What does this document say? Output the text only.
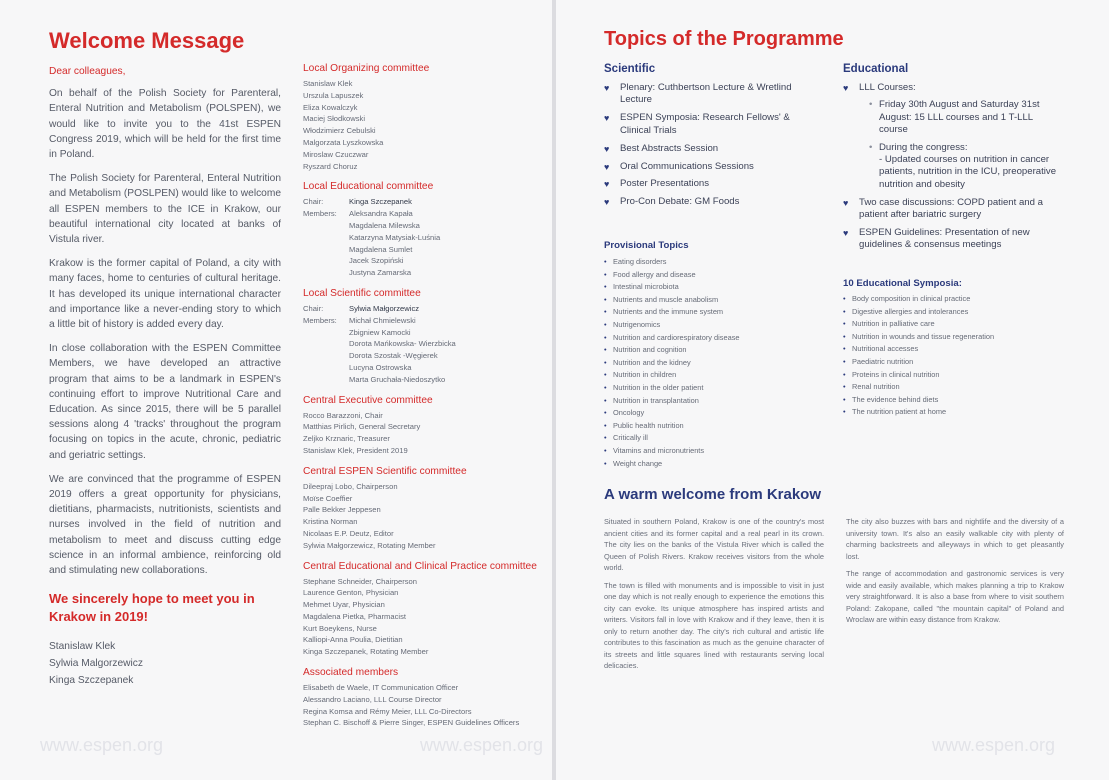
Welcome Message

Dear colleagues,

On behalf of the Polish Society for Parenteral, Enteral Nutrition and Metabolism (POLSPEN), we would like to invite you to the 41st ESPEN Congress 2019, which will be held for the first time in Poland.

The Polish Society for Parenteral, Enteral Nutrition and Metabolism (POSLPEN) would like to welcome all ESPEN members to the ICE in Krakow, our beautiful international city located at banks of Vistula river.

Krakow is the former capital of Poland, a city with many faces, home to centuries of cultural heritage. It has developed its unique international character and importance like a never-ending story to which a little bit of history is added every day.

In close collaboration with the ESPEN Committee Members, we have developed an attractive program that aims to be a landmark in ESPEN's continuing effort to improve Nutritional Care and Education. As since 2015, there will be 5 parallel sessions along 4 'tracks' throughout the program focusing on topics in the acute, chronic, pediatric and geriatric settings.

We are convinced that the programme of ESPEN 2019 offers a great opportunity for physicians, dietitians, pharmacists, nutritionists, scientists and nurses involved in the field of nutrition and metabolism to meet and discuss cutting edge science in an informal ambience, reinforcing old and stimulating new collaborations.

We sincerely hope to meet you in Krakow in 2019!
Stanislaw Klek
Sylwia Malgorzewicz
Kinga Szczepanek
Local Organizing committee
Stanislaw Klek
Urszula Lapuszek
Eliza Kowalczyk
Maciej Słodkowski
Włodzimierz Cebulski
Malgorzata Lyszkowska
Miroslaw Czuczwar
Ryszard Choruz
Local Educational committee
Chair:	Kinga Szczepanek
Members:	Aleksandra Kapała
Magdalena Milewska
Katarzyna Matysiak-Luśnia
Magdalena Sumlet
Jacek Szopiński
Justyna Zamarska
Local Scientific committee
Chair:	Sylwia Małgorzewicz
Members:	Michał Chmielewski
Zbigniew Kamocki
Dorota Mańkowska- Wierzbicka
Dorota Szostak -Węgierek
Lucyna Ostrowska
Marta Gruchała-Niedoszytko
Central Executive committee
Rocco Barazzoni, Chair
Matthias Pirlich, General Secretary
Zeljko Krznaric, Treasurer
Stanislaw Klek, President 2019
Central ESPEN Scientific committee
Dileepraj Lobo, Chairperson
Moïse Coeffier
Palle Bekker Jeppesen
Kristina Norman
Nicolaas E.P. Deutz, Editor
Sylwia Małgorzewicz, Rotating Member
Central Educational and Clinical Practice committee
Stephane Schneider, Chairperson
Laurence Genton, Physician
Mehmet Uyar, Physician
Magdalena Pietka, Pharmacist
Kurt Boeykens, Nurse
Kalliopi-Anna Poulia, Dietitian
Kinga Szczepanek, Rotating Member
Associated members
Elisabeth de Waele, IT Communication Officer
Alessandro Laciano, LLL Course Director
Regina Komsa and Rémy Meier, LLL Co-Directors
Stephan C. Bischoff & Pierre Singer, ESPEN Guidelines Officers
www.espen.org	www.espen.org
Topics of the Programme
Scientific
♥ Plenary: Cuthbertson Lecture & Wretlind Lecture
♥ ESPEN Symposia: Research Fellows' & Clinical Trials
♥ Best Abstracts Session
♥ Oral Communications Sessions
♥ Poster Presentations
♥ Pro-Con Debate: GM Foods
Educational
♥ LLL Courses:
• Friday 30th August and Saturday 31st August: 15 LLL courses and 1 T-LLL course
• During the congress:
- Updated courses on nutrition in cancer patients, nutrition in the ICU, preoperative nutrition and obesity
♥ Two case discussions: COPD patient and a patient after bariatric surgery
♥ ESPEN Guidelines: Presentation of new guidelines & consensus meetings
Provisional Topics
• Eating disorders
• Food allergy and disease
• Intestinal microbiota
• Nutrients and muscle anabolism
• Nutrients and the immune system
• Nutrigenomics
• Nutrition and cardiorespiratory disease
• Nutrition and cognition
• Nutrition and the kidney
• Nutrition in children
• Nutrition in the older patient
• Nutrition in transplantation
• Oncology
• Public health nutrition
• Critically ill
• Vitamins and micronutrients
• Weight change
10 Educational Symposia:
• Body composition in clinical practice
• Digestive allergies and intolerances
• Nutrition in palliative care
• Nutrition in wounds and tissue regeneration
• Nutritional accesses
• Paediatric nutrition
• Proteins in clinical nutrition
• Renal nutrition
• The evidence behind diets
• The nutrition patient at home
A warm welcome from Krakow

Situated in southern Poland, Krakow is one of the country's most ancient cities and its former capital and a real pearl in its crown. The city lies on the banks of the Vistula River which is called the Queen of Polish Rivers. Krakow receives visitors from the whole world.

The town is filled with monuments and is impossible to visit in just one day which is not really enough to experience the emotions this city can evoke. Its unique atmosphere has inspired artists and writers. Visitors fall in love with Krakow and if they leave, then it is only to return another day. The city's rich cultural and artistic life contributes to this fascination as much as the genuine character of its streets and little squares lined with restaurants serving local delicacies.

The city also buzzes with bars and nightlife and the diversity of a university town. It's also an easily walkable city with plenty of charming backstreets and alleyways in which to get pleasantly lost.

The range of accommodation and gastronomic services is very wide and easily available, which makes planning a trip to Krakow very straightforward. It is also a base from where to visit southern Poland: Zakopane, called "the mountain capital" of Poland and Wroclaw are within easy distance from Krakow.

www.espen.org
